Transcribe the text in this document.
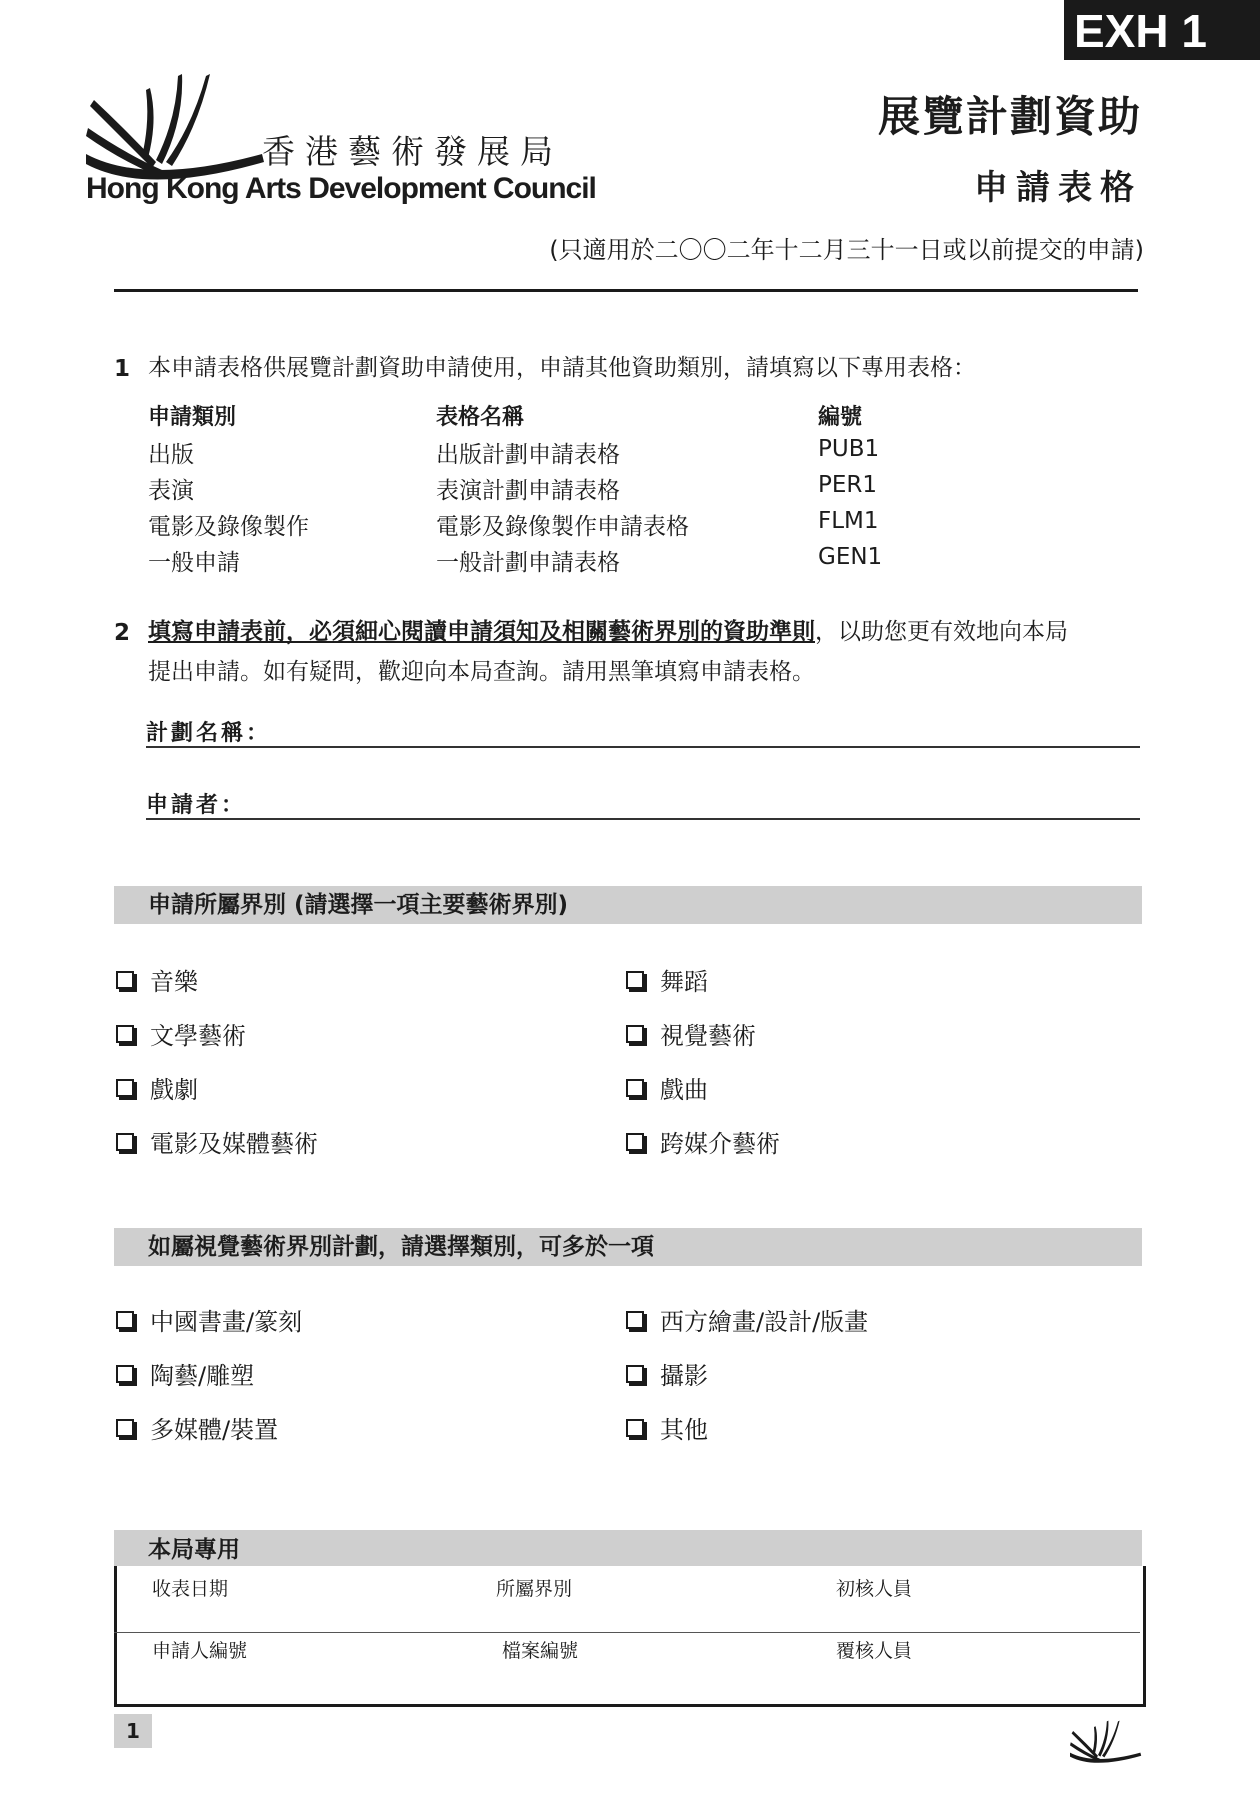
EXH 1
香港藝術發展局
Hong Kong Arts Development Council
展覽計劃資助
申請表格
(只適用於二〇〇二年十二月三十一日或以前提交的申請)
1 本申請表格供展覽計劃資助申請使用，申請其他資助類別，請填寫以下專用表格：
申請類別	表格名稱	編號
出版	出版計劃申請表格	PUB1
表演	表演計劃申請表格	PER1
電影及錄像製作	電影及錄像製作申請表格	FLM1
一般申請	一般計劃申請表格	GEN1
2 填寫申請表前，必須細心閱讀申請須知及相關藝術界別的資助準則，以助您更有效地向本局
提出申請。如有疑問，歡迎向本局查詢。請用黑筆填寫申請表格。
計劃名稱：
申請者：
申請所屬界別 (請選擇一項主要藝術界別)
音樂
文學藝術
戲劇
電影及媒體藝術
舞蹈
視覺藝術
戲曲
跨媒介藝術
如屬視覺藝術界別計劃，請選擇類別，可多於一項
中國書畫/篆刻
陶藝/雕塑
多媒體/裝置
西方繪畫/設計/版畫
攝影
其他
本局專用
收表日期	所屬界別	初核人員
申請人編號	檔案編號	覆核人員
1
